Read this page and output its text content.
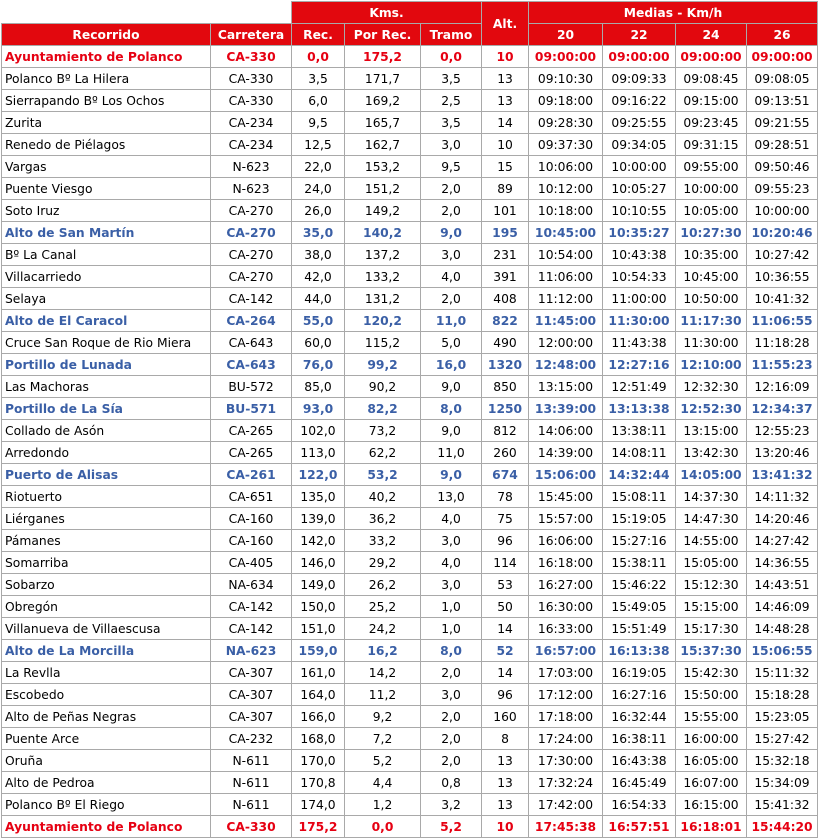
		Kms.			Alt.	Medias - Km/h			
Recorrido	Carretera	Rec.	Por Rec.	Tramo		20	22	24	26
Ayuntamiento de Polanco	CA-330	0,0	175,2	0,0	10	09:00:00	09:00:00	09:00:00	09:00:00
Polanco Bº La Hilera	CA-330	3,5	171,7	3,5	13	09:10:30	09:09:33	09:08:45	09:08:05
Sierrapando Bº Los Ochos	CA-330	6,0	169,2	2,5	13	09:18:00	09:16:22	09:15:00	09:13:51
Zurita	CA-234	9,5	165,7	3,5	14	09:28:30	09:25:55	09:23:45	09:21:55
Renedo de Piélagos	CA-234	12,5	162,7	3,0	10	09:37:30	09:34:05	09:31:15	09:28:51
Vargas	N-623	22,0	153,2	9,5	15	10:06:00	10:00:00	09:55:00	09:50:46
Puente Viesgo	N-623	24,0	151,2	2,0	89	10:12:00	10:05:27	10:00:00	09:55:23
Soto Iruz	CA-270	26,0	149,2	2,0	101	10:18:00	10:10:55	10:05:00	10:00:00
Alto de San Martín	CA-270	35,0	140,2	9,0	195	10:45:00	10:35:27	10:27:30	10:20:46
Bº La Canal	CA-270	38,0	137,2	3,0	231	10:54:00	10:43:38	10:35:00	10:27:42
Villacarriedo	CA-270	42,0	133,2	4,0	391	11:06:00	10:54:33	10:45:00	10:36:55
Selaya	CA-142	44,0	131,2	2,0	408	11:12:00	11:00:00	10:50:00	10:41:32
Alto de El Caracol	CA-264	55,0	120,2	11,0	822	11:45:00	11:30:00	11:17:30	11:06:55
Cruce San Roque de Rio Miera	CA-643	60,0	115,2	5,0	490	12:00:00	11:43:38	11:30:00	11:18:28
Portillo de Lunada	CA-643	76,0	99,2	16,0	1320	12:48:00	12:27:16	12:10:00	11:55:23
Las Machoras	BU-572	85,0	90,2	9,0	850	13:15:00	12:51:49	12:32:30	12:16:09
Portillo de La Sía	BU-571	93,0	82,2	8,0	1250	13:39:00	13:13:38	12:52:30	12:34:37
Collado de Asón	CA-265	102,0	73,2	9,0	812	14:06:00	13:38:11	13:15:00	12:55:23
Arredondo	CA-265	113,0	62,2	11,0	260	14:39:00	14:08:11	13:42:30	13:20:46
Puerto de Alisas	CA-261	122,0	53,2	9,0	674	15:06:00	14:32:44	14:05:00	13:41:32
Riotuerto	CA-651	135,0	40,2	13,0	78	15:45:00	15:08:11	14:37:30	14:11:32
Liérganes	CA-160	139,0	36,2	4,0	75	15:57:00	15:19:05	14:47:30	14:20:46
Pámanes	CA-160	142,0	33,2	3,0	96	16:06:00	15:27:16	14:55:00	14:27:42
Somarriba	CA-405	146,0	29,2	4,0	114	16:18:00	15:38:11	15:05:00	14:36:55
Sobarzo	NA-634	149,0	26,2	3,0	53	16:27:00	15:46:22	15:12:30	14:43:51
Obregón	CA-142	150,0	25,2	1,0	50	16:30:00	15:49:05	15:15:00	14:46:09
Villanueva de Villaescusa	CA-142	151,0	24,2	1,0	14	16:33:00	15:51:49	15:17:30	14:48:28
Alto de La Morcilla	NA-623	159,0	16,2	8,0	52	16:57:00	16:13:38	15:37:30	15:06:55
La Revlla	CA-307	161,0	14,2	2,0	14	17:03:00	16:19:05	15:42:30	15:11:32
Escobedo	CA-307	164,0	11,2	3,0	96	17:12:00	16:27:16	15:50:00	15:18:28
Alto de Peñas Negras	CA-307	166,0	9,2	2,0	160	17:18:00	16:32:44	15:55:00	15:23:05
Puente Arce	CA-232	168,0	7,2	2,0	8	17:24:00	16:38:11	16:00:00	15:27:42
Oruña	N-611	170,0	5,2	2,0	13	17:30:00	16:43:38	16:05:00	15:32:18
Alto de Pedroa	N-611	170,8	4,4	0,8	13	17:32:24	16:45:49	16:07:00	15:34:09
Polanco Bº El Riego	N-611	174,0	1,2	3,2	13	17:42:00	16:54:33	16:15:00	15:41:32
Ayuntamiento de Polanco	CA-330	175,2	0,0	5,2	10	17:45:38	16:57:51	16:18:01	15:44:20
